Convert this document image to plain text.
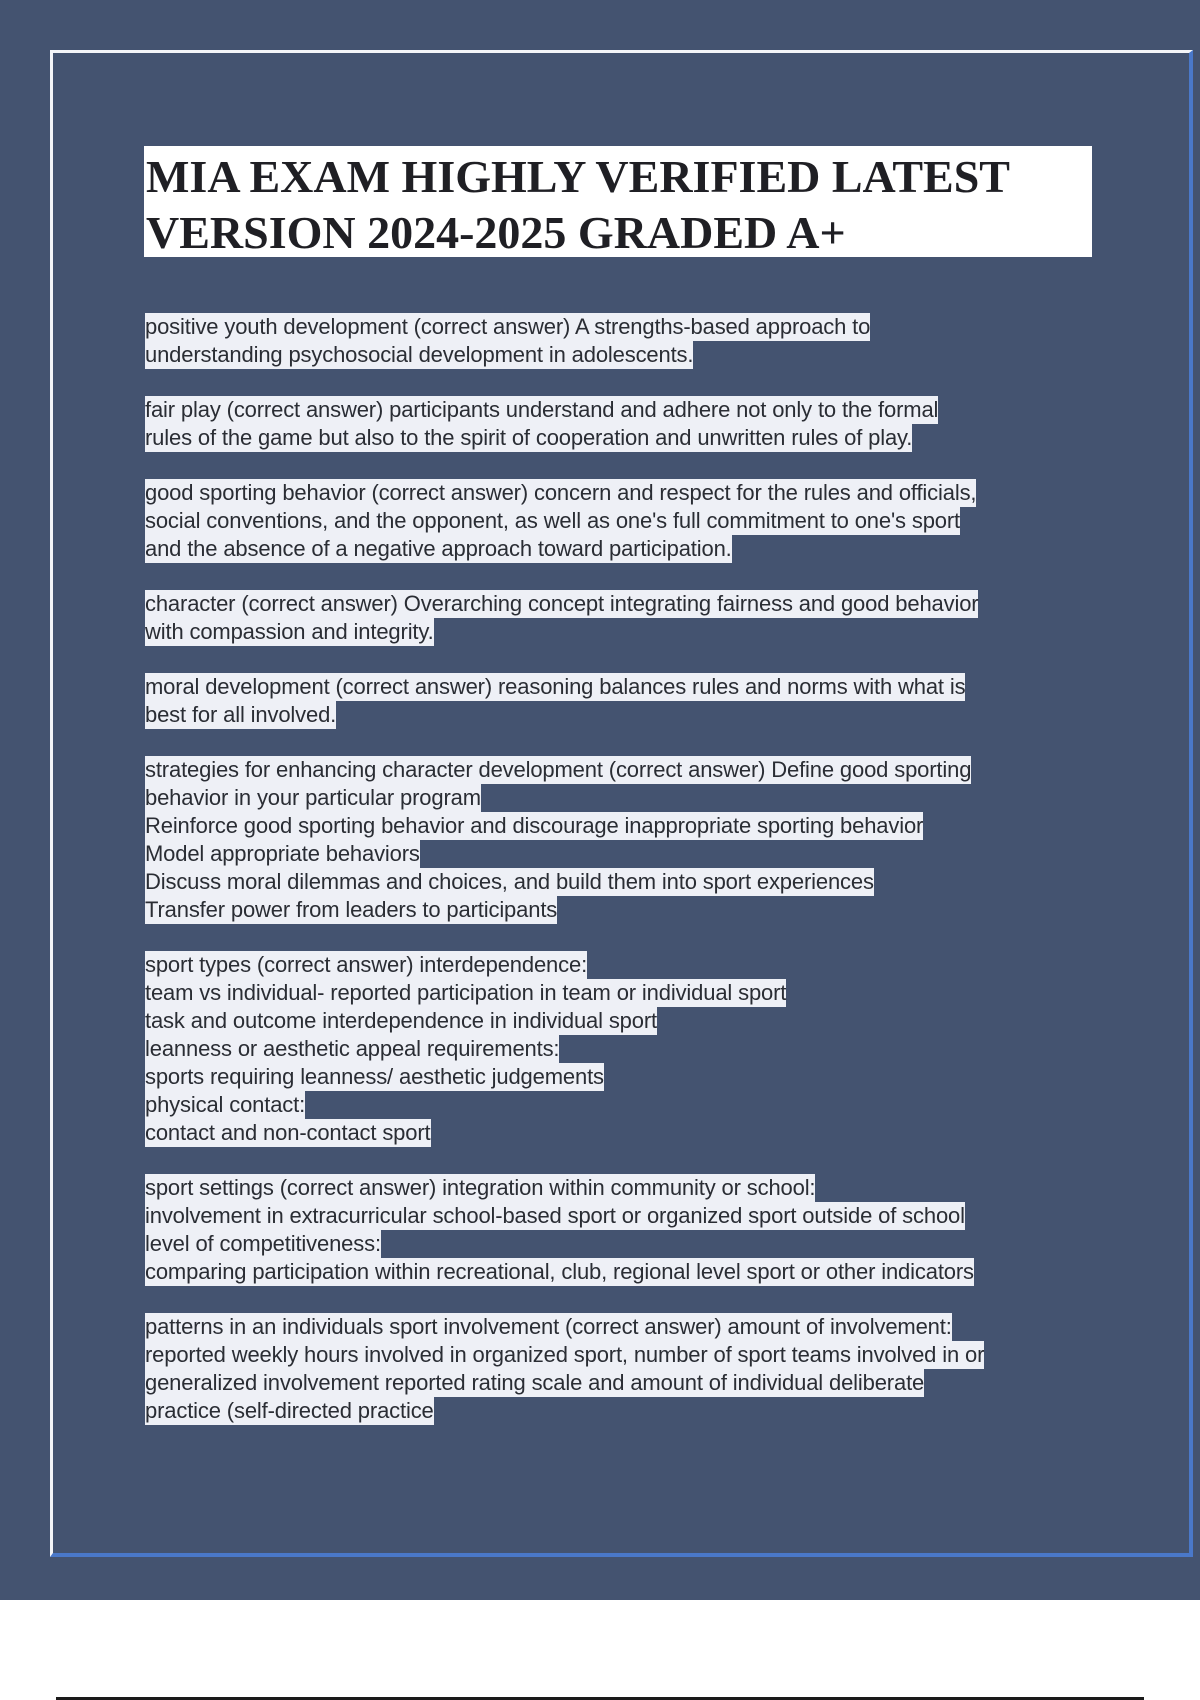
MIA EXAM HIGHLY VERIFIED LATEST
VERSION 2024-2025 GRADED A+
positive youth development (correct answer) A strengths-based approach to
understanding psychosocial development in adolescents.
fair play (correct answer) participants understand and adhere not only to the formal
rules of the game but also to the spirit of cooperation and unwritten rules of play.
good sporting behavior (correct answer) concern and respect for the rules and officials,
social conventions, and the opponent, as well as one's full commitment to one's sport
and the absence of a negative approach toward participation.
character (correct answer) Overarching concept integrating fairness and good behavior
with compassion and integrity.
moral development (correct answer) reasoning balances rules and norms with what is
best for all involved.
strategies for enhancing character development (correct answer) Define good sporting
behavior in your particular program
Reinforce good sporting behavior and discourage inappropriate sporting behavior
Model appropriate behaviors
Discuss moral dilemmas and choices, and build them into sport experiences
Transfer power from leaders to participants
sport types (correct answer) interdependence:
team vs individual- reported participation in team or individual sport
task and outcome interdependence in individual sport
leanness or aesthetic appeal requirements:
sports requiring leanness/ aesthetic judgements
physical contact:
contact and non-contact sport
sport settings (correct answer) integration within community or school:
involvement in extracurricular school-based sport or organized sport outside of school
level of competitiveness:
comparing participation within recreational, club, regional level sport or other indicators
patterns in an individuals sport involvement (correct answer) amount of involvement:
reported weekly hours involved in organized sport, number of sport teams involved in or
generalized involvement reported rating scale and amount of individual deliberate
practice (self-directed practice
